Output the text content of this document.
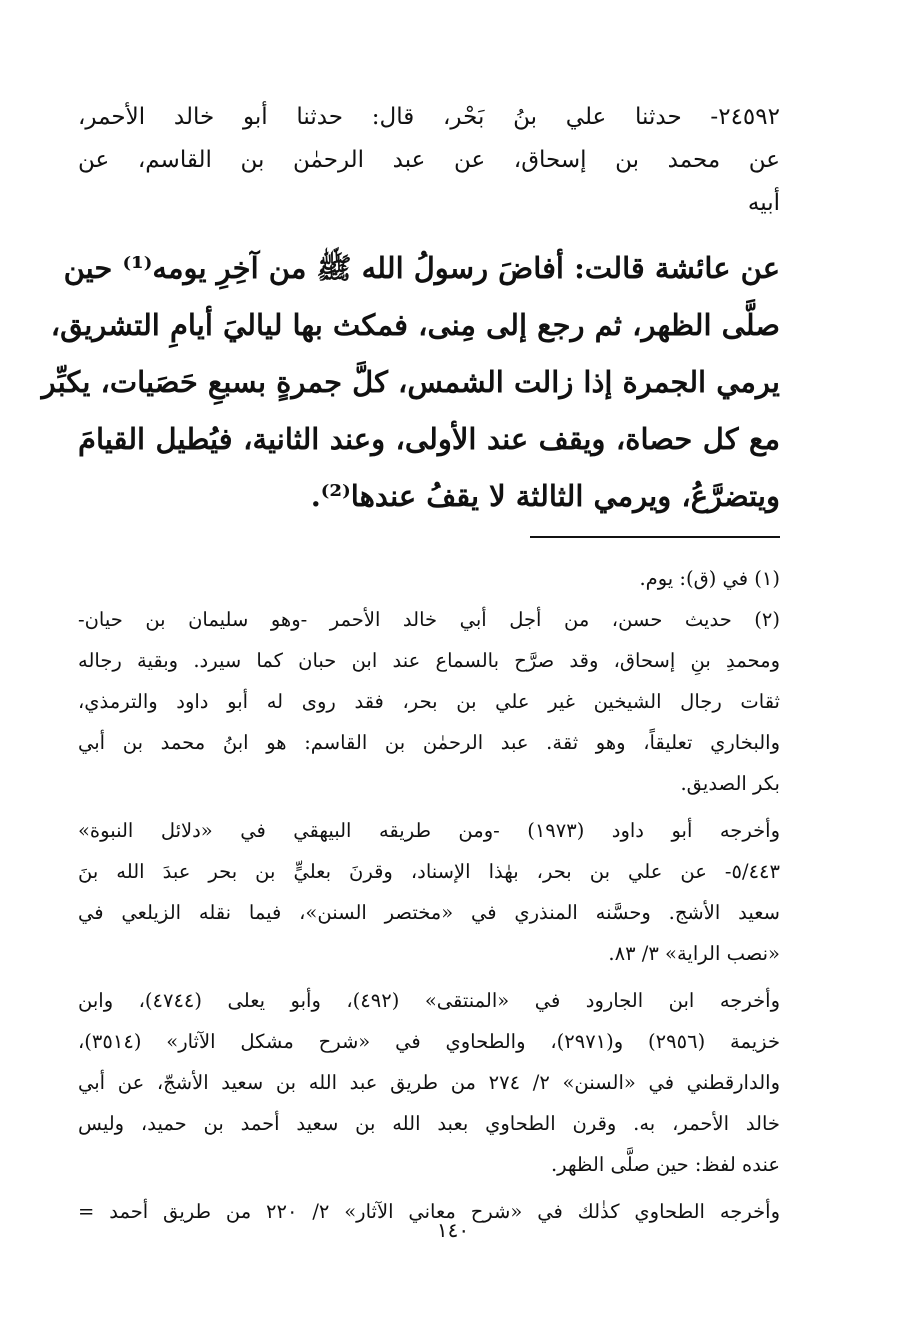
٢٤٥٩٢- حدثنا علي بنُ بَحْر، قال: حدثنا أبو خالد الأحمر،
عن محمد بن إسحاق، عن عبد الرحمٰن بن القاسم، عن
أبيه
عن عائشة قالت: أفاضَ رسولُ الله ﷺ من آخِرِ يومه⁽¹⁾ حين
صلَّى الظهر، ثم رجع إلى مِنى، فمكث بها لياليَ أيامِ التشريق،
يرمي الجمرة إذا زالت الشمس، كلَّ جمرةٍ بسبعِ حَصَيات، يكبِّر
مع كل حصاة، ويقف عند الأولى، وعند الثانية، فيُطيل القيامَ
ويتضرَّعُ، ويرمي الثالثة لا يقفُ عندها⁽²⁾.
(١) في (ق): يوم.
(٢) حديث حسن، من أجل أبي خالد الأحمر -وهو سليمان بن حيان-
ومحمدِ بنِ إسحاق، وقد صرَّح بالسماع عند ابن حبان كما سيرد. وبقية رجاله
ثقات رجال الشيخين غير علي بن بحر، فقد روى له أبو داود والترمذي،
والبخاري تعليقاً، وهو ثقة. عبد الرحمٰن بن القاسم: هو ابنُ محمد بن أبي
بكر الصديق.
وأخرجه أبو داود (١٩٧٣) -ومن طريقه البيهقي في «دلائل النبوة»
٥/٤٤٣- عن علي بن بحر، بهٰذا الإسناد، وقرنَ بعليٍّ بن بحر عبدَ الله بنَ
سعيد الأشج. وحسَّنه المنذري في «مختصر السنن»، فيما نقله الزيلعي في
«نصب الراية» ٣/ ٨٣.
وأخرجه ابن الجارود في «المنتقى» (٤٩٢)، وأبو يعلى (٤٧٤٤)، وابن
خزيمة (٢٩٥٦) و(٢٩٧١)، والطحاوي في «شرح مشكل الآثار» (٣٥١٤)،
والدارقطني في «السنن» ٢/ ٢٧٤ من طريق عبد الله بن سعيد الأشجّ، عن أبي
خالد الأحمر، به. وقرن الطحاوي بعبد الله بن سعيد أحمد بن حميد، وليس
عنده لفظ: حين صلَّى الظهر.
وأخرجه الطحاوي كذٰلك في «شرح معاني الآثار» ٢/ ٢٢٠ من طريق أحمد =
١٤٠
